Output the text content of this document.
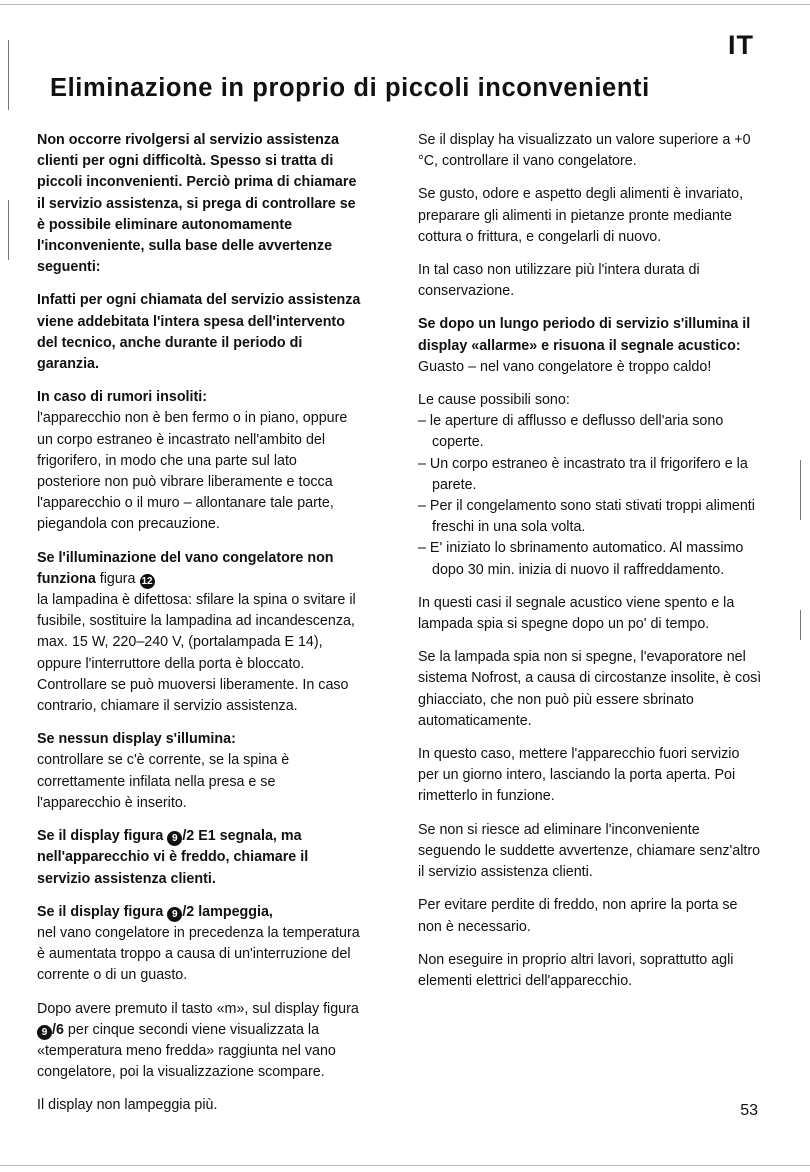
IT
Eliminazione in proprio di piccoli inconvenienti

Non occorre rivolgersi al servizio assistenza clienti per ogni difficoltà. Spesso si tratta di piccoli inconvenienti. Perciò prima di chiamare il servizio assistenza, si prega di controllare se è possibile eliminare autonomamente l'inconveniente, sulla base delle avvertenze seguenti:

Infatti per ogni chiamata del servizio assistenza viene addebitata l'intera spesa dell'intervento del tecnico, anche durante il periodo di garanzia.

In caso di rumori insoliti:
l'apparecchio non è ben fermo o in piano, oppure un corpo estraneo è incastrato nell'ambito del frigorifero, in modo che una parte sul lato posteriore non può vibrare liberamente e tocca l'apparecchio o il muro – allontanare tale parte, piegandola con precauzione.

Se l'illuminazione del vano congelatore non funziona figura 12
la lampadina è difettosa: sfilare la spina o svitare il fusibile, sostituire la lampadina ad incandescenza, max. 15 W, 220–240 V, (portalampada E 14), oppure l'interruttore della porta è bloccato. Controllare se può muoversi liberamente. In caso contrario, chiamare il servizio assistenza.

Se nessun display s'illumina:
controllare se c'è corrente, se la spina è correttamente infilata nella presa e se l'apparecchio è inserito.

Se il display figura 9 /2 E1 segnala, ma nell'apparecchio vi è freddo, chiamare il servizio assistenza clienti.

Se il display figura 9 /2 lampeggia,
nel vano congelatore in precedenza la temperatura è aumentata troppo a causa di un'interruzione del corrente o di un guasto.

Dopo avere premuto il tasto «m», sul display figura 9 /6 per cinque secondi viene visualizzata la «temperatura meno fredda» raggiunta nel vano congelatore, poi la visualizzazione scompare.

Il display non lampeggia più.

Se il display ha visualizzato un valore superiore a +0 °C, controllare il vano congelatore.

Se gusto, odore e aspetto degli alimenti è invariato, preparare gli alimenti in pietanze pronte mediante cottura o frittura, e congelarli di nuovo.

In tal caso non utilizzare più l'intera durata di conservazione.

Se dopo un lungo periodo di servizio s'illumina il display «allarme» e risuona il segnale acustico:
Guasto – nel vano congelatore è troppo caldo!

Le cause possibili sono:
– le aperture di afflusso e deflusso dell'aria sono coperte.
– Un corpo estraneo è incastrato tra il frigorifero e la parete.
– Per il congelamento sono stati stivati troppi alimenti freschi in una sola volta.
– E' iniziato lo sbrinamento automatico. Al massimo dopo 30 min. inizia di nuovo il raffreddamento.

In questi casi il segnale acustico viene spento e la lampada spia si spegne dopo un po' di tempo.

Se la lampada spia non si spegne, l'evaporatore nel sistema Nofrost, a causa di circostanze insolite, è così ghiacciato, che non può più essere sbrinato automaticamente.

In questo caso, mettere l'apparecchio fuori servizio per un giorno intero, lasciando la porta aperta. Poi rimetterlo in funzione.

Se non si riesce ad eliminare l'inconveniente seguendo le suddette avvertenze, chiamare senz'altro il servizio assistenza clienti.

Per evitare perdite di freddo, non aprire la porta se non è necessario.

Non eseguire in proprio altri lavori, soprattutto agli elementi elettrici dell'apparecchio.

53
